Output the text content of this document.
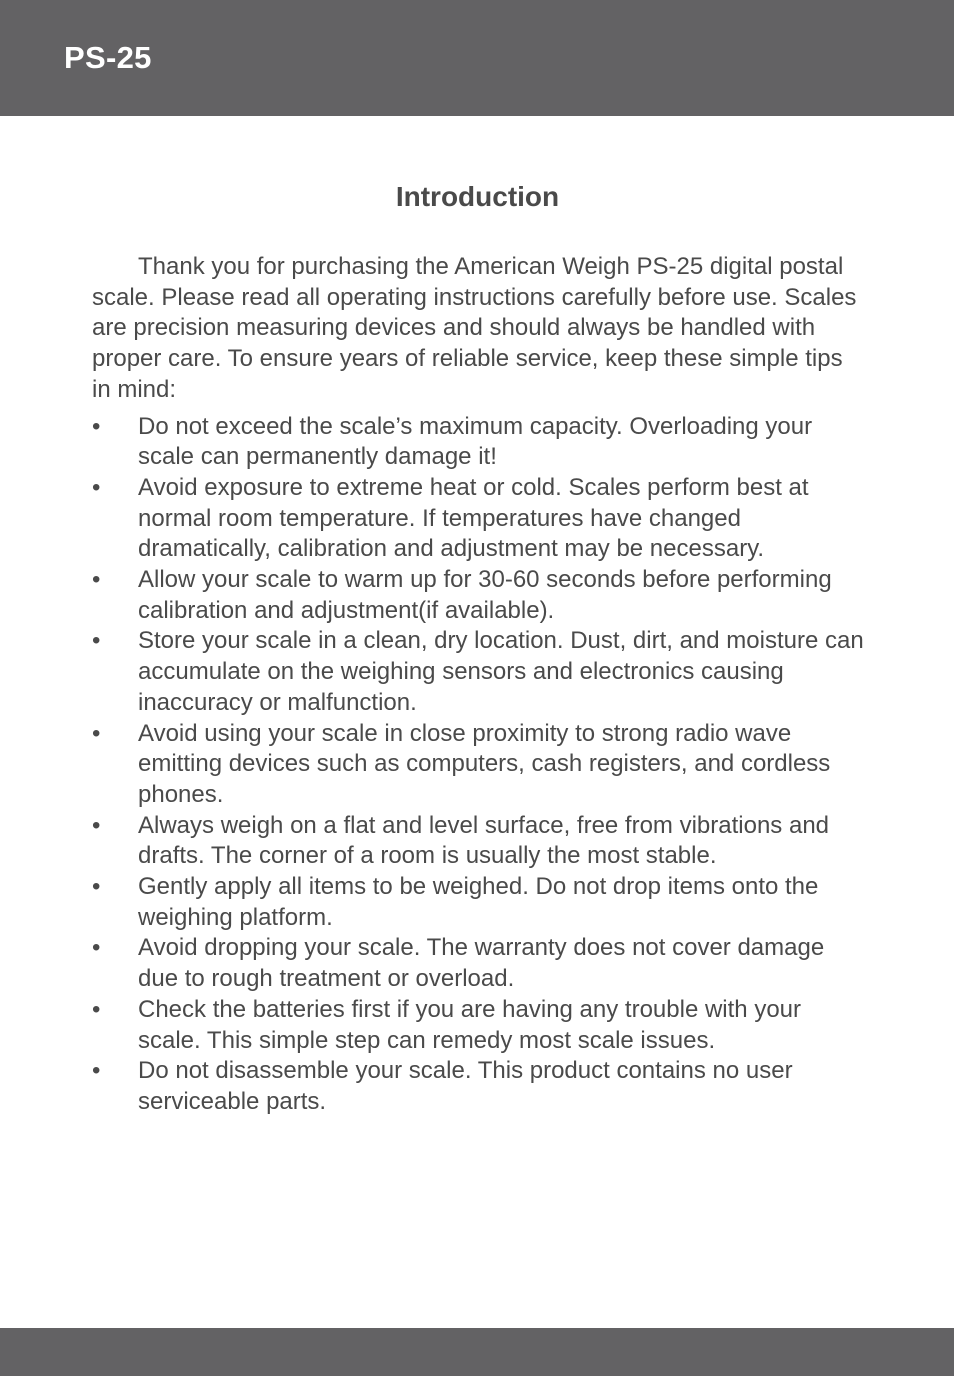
PS-25
Introduction

Thank you for purchasing the American Weigh PS-25 digital postal scale. Please read all operating instructions carefully before use. Scales are precision measuring devices and should always be handled with proper care. To ensure years of reliable service, keep these simple tips in mind:

•	Do not exceed the scale’s maximum capacity. Overloading your scale can permanently damage it!
•	Avoid exposure to extreme heat or cold. Scales perform best at normal room temperature. If temperatures have changed dramatically, calibration and adjustment may be necessary.
•	Allow your scale to warm up for 30-60 seconds before performing calibration and adjustment(if available).
•	Store your scale in a clean, dry location. Dust, dirt, and moisture can accumulate on the weighing sensors and electronics causing inaccuracy or malfunction.
•	Avoid using your scale in close proximity to strong radio wave emitting devices such as computers, cash registers, and cordless phones.
•	Always weigh on a flat and level surface, free from vibrations and drafts. The corner of a room is usually the most stable.
•	Gently apply all items to be weighed. Do not drop items onto the weighing platform.
•	Avoid dropping your scale. The warranty does not cover damage due to rough treatment or overload.
•	Check the batteries first if you are having any trouble with your scale. This simple step can remedy most scale issues.
•	Do not disassemble your scale. This product contains no user serviceable parts.
